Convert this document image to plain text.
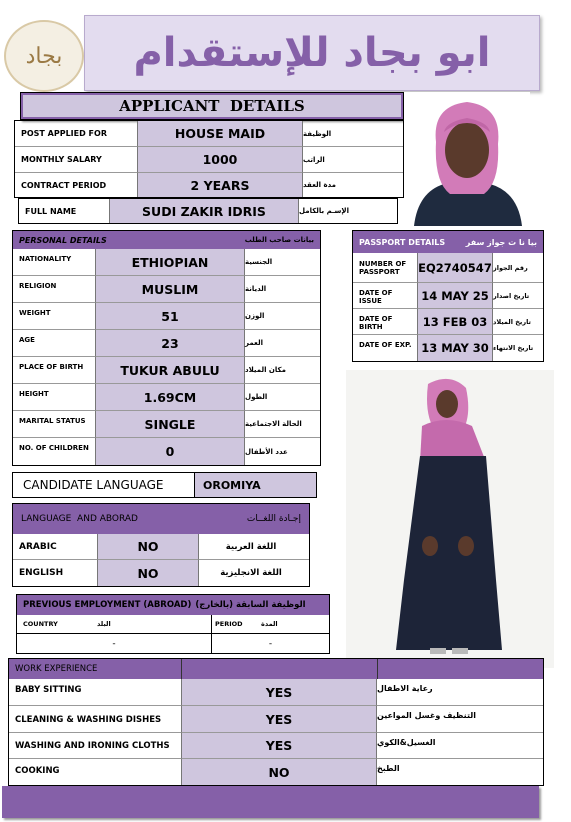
بجاد ابو بجاد للإستقدام
APPLICANT  DETAILS
POST APPLIED FOR	HOUSE MAID	الوظيفة
MONTHLY SALARY	1000	الراتب
CONTRACT PERIOD	2 YEARS	مدة العقد
FULL NAME	SUDI ZAKIR IDRIS	الإسـم بالكامل
PERSONAL DETAILS	بيانات صاحب الطلب
NATIONALITY	ETHIOPIAN	الجنسية
RELIGION	MUSLIM	الديانة
WEIGHT	51	الوزن
AGE	23	العمر
PLACE OF BIRTH	TUKUR ABULU	مكان الميلاد
HEIGHT	1.69CM	الطول
MARITAL STATUS	SINGLE	الحالة الاجتماعية
NO. OF CHILDREN	0	عدد الأطفال
PASSPORT DETAILS	بيا نا ت جواز سفر
NUMBER OF PASSPORT	EQ2740547 رقم الجواز
DATE OF ISSUE	14 MAY 25 تاريخ اصدار
DATE OF BIRTH	13 FEB 03 تاريخ الميلاد
DATE OF EXP. 13 MAY 30 تاريخ الانتهاء
CANDIDATE LANGUAGE	OROMIYA
LANGUAGE  AND ABORAD	إجـادة اللغــات
ARABIC	NO	اللغة العربية
ENGLISH	NO	اللغة الانجليزية
PREVIOUS EMPLOYMENT (ABROAD) الوظيفة السابقة (بالخارج)
COUNTRY	البلد	PERIOD	المدة
-	-
WORK EXPERIENCE
BABY SITTING	YES	رعاية الاطفال
CLEANING & WASHING DISHES	YES	التنظيف وغسل المواعين
WASHING AND IRONING CLOTHS	YES	الغسيل&الكوي
COOKING	NO	الطبخ
